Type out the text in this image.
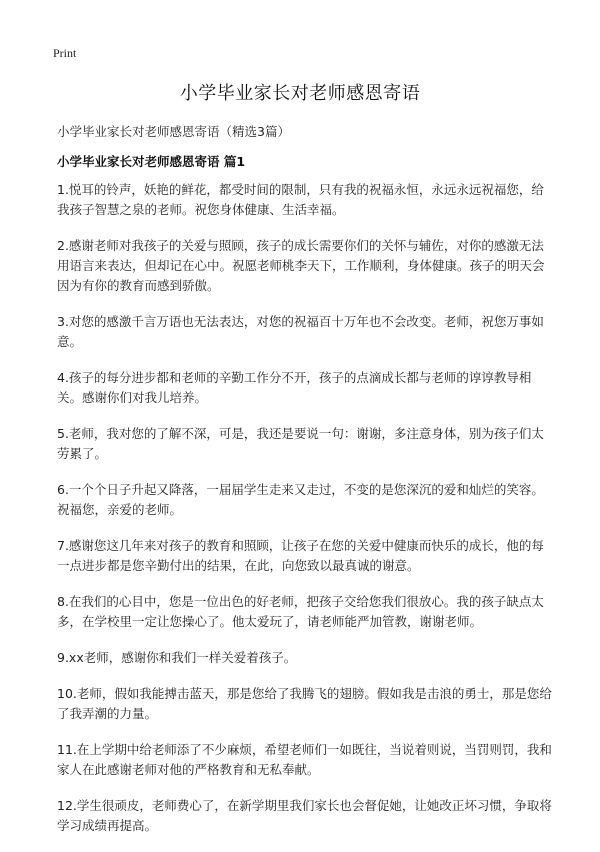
Print
小学毕业家长对老师感恩寄语
小学毕业家长对老师感恩寄语（精选3篇）
小学毕业家长对老师感恩寄语 篇1

1.悦耳的铃声，妖艳的鲜花，都受时间的限制，只有我的祝福永恒，永远永远祝福您，给我孩子智慧之泉的老师。祝您身体健康、生活幸福。

2.感谢老师对我孩子的关爱与照顾，孩子的成长需要你们的关怀与辅佐，对你的感激无法用语言来表达，但却记在心中。祝愿老师桃李天下，工作顺利，身体健康。孩子的明天会因为有你的教育而感到骄傲。

3.对您的感激千言万语也无法表达，对您的祝福百十万年也不会改变。老师，祝您万事如意。

4.孩子的每分进步都和老师的辛勤工作分不开，孩子的点滴成长都与老师的谆谆教导相关。感谢你们对我儿培养。

5.老师，我对您的了解不深，可是，我还是要说一句：谢谢，多注意身体，别为孩子们太劳累了。

6.一个个日子升起又降落，一届届学生走来又走过，不变的是您深沉的爱和灿烂的笑容。祝福您，亲爱的老师。

7.感谢您这几年来对孩子的教育和照顾，让孩子在您的关爱中健康而快乐的成长，他的每一点进步都是您辛勤付出的结果，在此，向您致以最真诚的谢意。

8.在我们的心目中，您是一位出色的好老师，把孩子交给您我们很放心。我的孩子缺点太多，在学校里一定让您操心了。他太爱玩了，请老师能严加管教，谢谢老师。

9.xx老师，感谢你和我们一样关爱着孩子。

10.老师，假如我能搏击蓝天，那是您给了我腾飞的翅膀。假如我是击浪的勇士，那是您给了我弄潮的力量。

11.在上学期中给老师添了不少麻烦，希望老师们一如既往，当说着则说，当罚则罚，我和家人在此感谢老师对他的严格教育和无私奉献。

12.学生很顽皮，老师费心了，在新学期里我们家长也会督促她，让她改正坏习惯，争取将学习成绩再提高。
